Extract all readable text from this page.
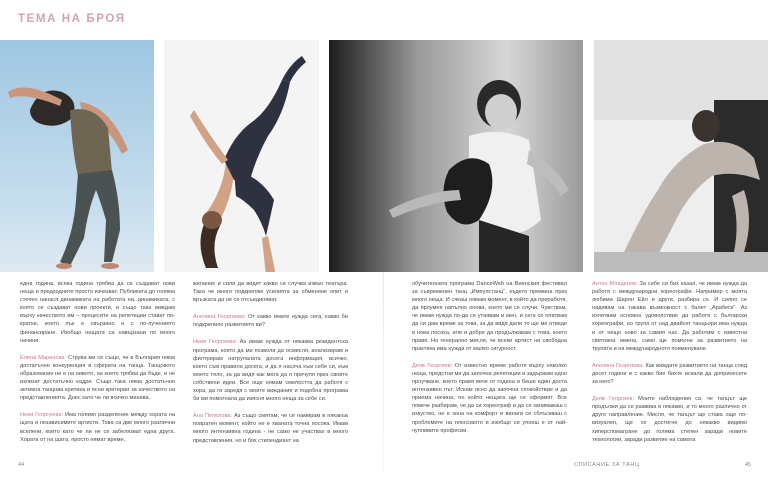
ТЕМА НА БРОЯ

една година, всяка година трябва да се създават нови неща и предходните просто изчезват. Публиката до голяма степен нанася динамиката на работата ни, динамиката, с която се създават нови проекти, и също така виждам върху качеството им – процесите на репетиции стават по-кратки, което пък е свързано и с по-лучението финансиране. Изобщо нещата са навързани по много начини.

Елена Маринова: Струва ми се също, че в България няма достатъчно конкуренция в сферата на танца. Танцовото образование не е на нивото, на което трябва да бъде, и не излизат достатъчно кадри. Също така няма достатъчно активна танцова критика и ясни критерии за качеството на представленията. Днес като че ли всичко минава.

Неви Георгиева: Има голямо разделение между хората на щата и независимите артисти. Това са две много различни вселени, които като че ли не се забелязват една друга. Хората от на щата, просто нямат време,

желание и сили да видят какво се случва извън театъра. Така че много подкрепям усилията за обменяне опит и връзката да не се отсъединяват.

Анелина Георгиева: От какво имате нужда сега, какво би подкрепило развитието ви?

Неви Георгиева: Аз имам нужда от някаква резидентска програма, която да ми позволи да осмисля, анализирам и филтрирам натрупаната досега информация, всичко, което съм правила досега, и да я насоча към себе си, към моето тяло, за да видя как мога да я пречупя през своите собствени идеи. Все още нямам смелостта да работя с хора, да ги заредя с моите виждания и подобна програма би ми помогнала да изясня много неща за себе си.

Ана Пепелова: Аз също смятам, че се намирам в някакъв повратен момент, който не е хваната точна посока. Имам много интензивна година - не само не участвах в много представления, но и бях стипендиант на

обучителната програма DanceWeb на Виенския фестивал за съвременен танц „Импулстанц“, където премина през много неща. И сякаш нямам момент, в който да преработя, да проумея напълно онова, което ми се случи. Чувствам, че имам нужда по-да се утаявам и мен, и сега се опитвам да си дам време за това, за да видя дали то ще ме отведе в нова посока, или и добре да продължавам с това, което правя. Но генерално мисля, че всеки артист на свободна практика има нужда от малко сигурност.

Деяв Георгиев: От известно време работя върху няколко неща, предстои ми да започна репетиции и задържам едно проучване, което правя вече от година и беше един доста интензивен път. Искам ясно да започна спокойствие и да приема начина, по който нещата ще се оформят. Все повече разбирам, че да си хореограф и да се занимаваш с изкуство, не е зона на комфорт и винаги се сблъскваш с проблемите на плюсовото и изобщо си упоеш е от най-чупливите професии.

Антон Младенов: За себе си бих казал, че имам нужда да работя с международни хореографи. Например с моята любима Шарон Ейл и други, разбира се. И силно се надявам на такава възможност с балет „Арабеск“. Аз изпитвам основно удоволствие да работя с български хореографи, но трупа от над двайсет танцьори има нужда и от нещо ново за самия нас. Да работим с известна световна имена, само ще помогне за развитието на трупата и на международното поименуване.

Анелина Георгиева: Как виждате развитието на танца след десет години и с какво бие бихте искали да допринесете за него?

Деяв Георгиев: Моите наблюдения са, че танцът ще продължи да се развива в някакво, и то много различно от друго направление. Мисля, че танцът ще става още по-визуален, ще се достигне до някакво видимо хиперспомагране до голяма степен заради новите технологии, заради развитие на самата

44	СПИСАНИЕ ЗА ТАНЦ	45
